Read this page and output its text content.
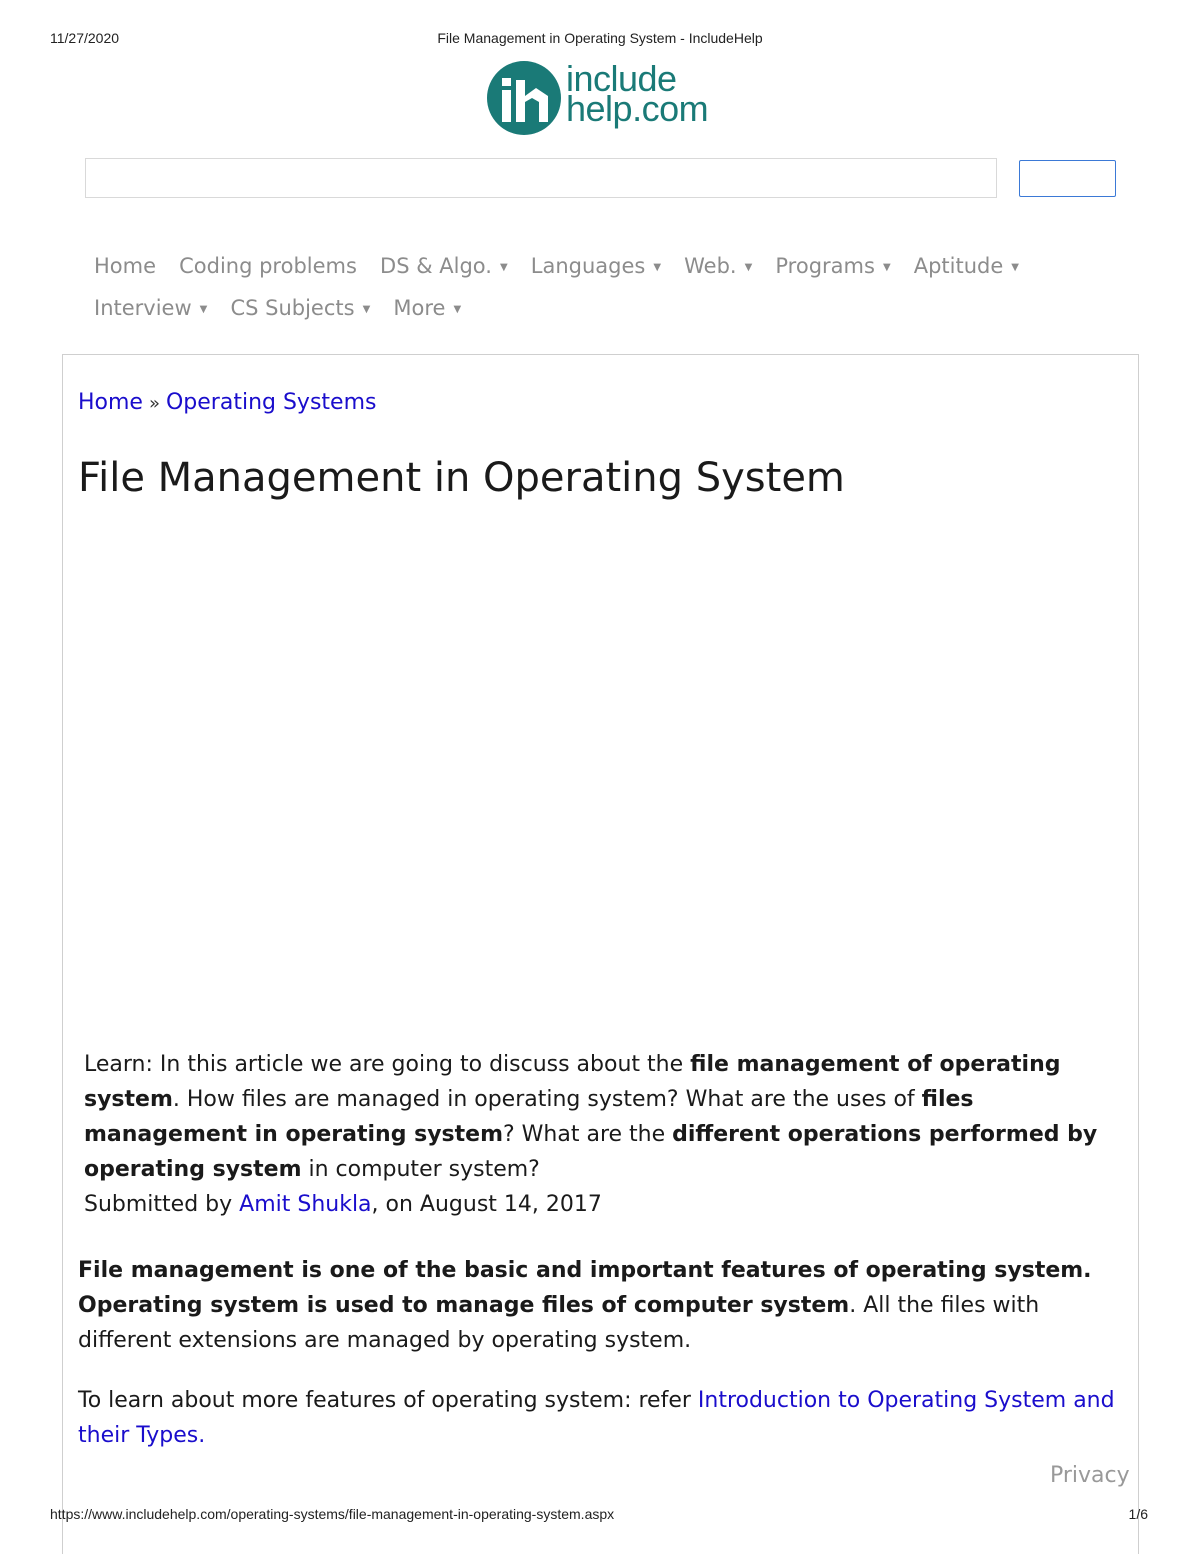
11/27/2020	File Management in Operating System - IncludeHelp
include
help.com
Home Coding problems DS & Algo. ▼ Languages ▼ Web. ▼ Programs ▼ Aptitude ▼
Interview ▼ CS Subjects ▼ More ▼
Home » Operating Systems
File Management in Operating System
Learn: In this article we are going to discuss about the file management of operating system. How files are managed in operating system? What are the uses of files management in operating system? What are the different operations performed by operating system in computer system?
Submitted by Amit Shukla, on August 14, 2017

File management is one of the basic and important features of operating system. Operating system is used to manage files of computer system. All the files with different extensions are managed by operating system.

To learn about more features of operating system: refer Introduction to Operating System and their Types.

Privacy
https://www.includehelp.com/operating-systems/file-management-in-operating-system.aspx	1/6
